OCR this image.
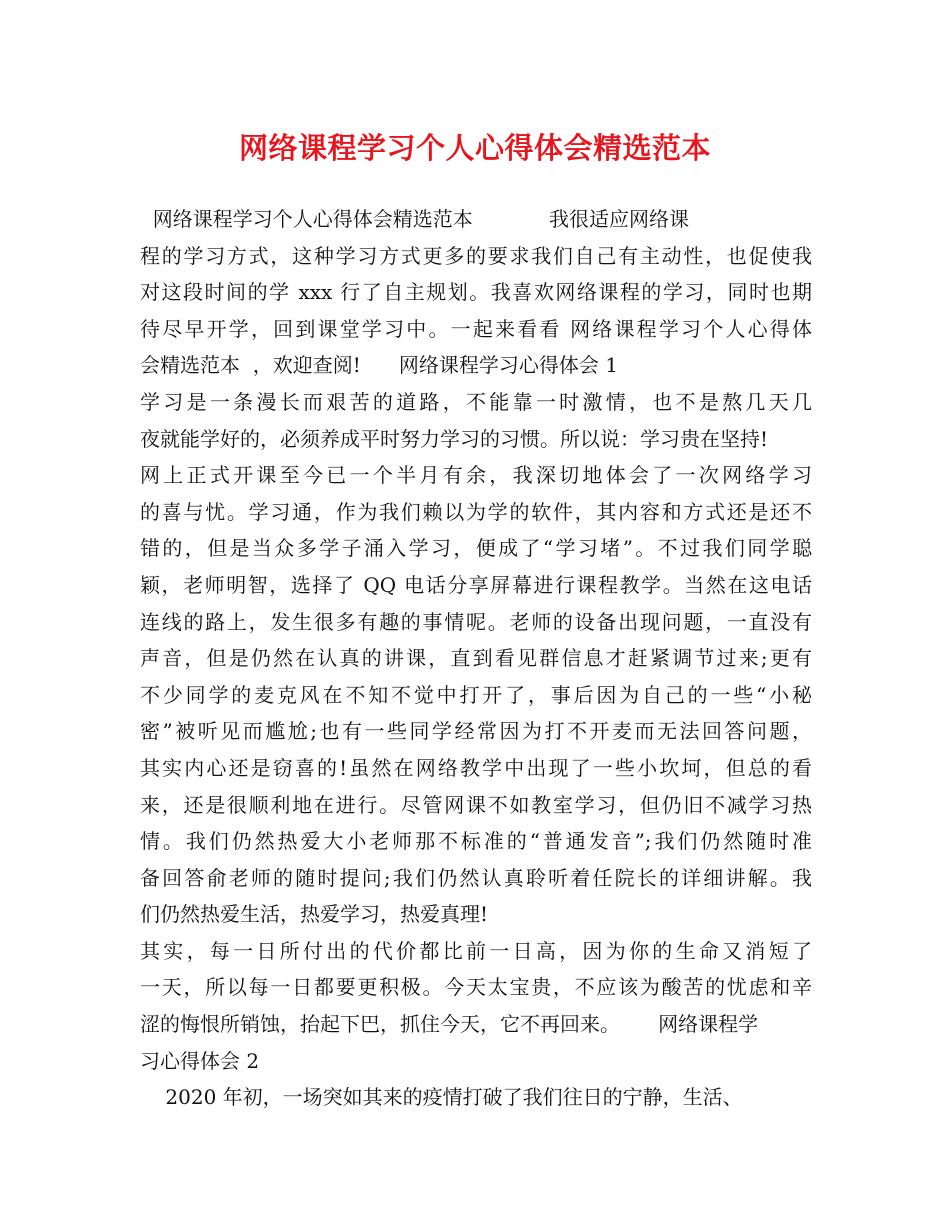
网络课程学习个人心得体会精选范本
网络课程学习个人心得体会精选范本            我很适应网络课
程的学习方式，这种学习方式更多的要求我们自己有主动性，也促使我
对这段时间的学 xxx 行了自主规划。我喜欢网络课程的学习，同时也期
待尽早开学，回到课堂学习中。一起来看看 网络课程学习个人心得体
会精选范本  ，欢迎查阅!      网络课程学习心得体会 1
学习是一条漫长而艰苦的道路，不能靠一时激情，也不是熬几天几
夜就能学好的，必须养成平时努力学习的习惯。所以说：学习贵在坚持!
网上正式开课至今已一个半月有余，我深切地体会了一次网络学习
的喜与忧。学习通，作为我们赖以为学的软件，其内容和方式还是还不
错的，但是当众多学子涌入学习，便成了“学习堵”。不过我们同学聪
颖，老师明智，选择了 QQ 电话分享屏幕进行课程教学。当然在这电话
连线的路上，发生很多有趣的事情呢。老师的设备出现问题，一直没有
声音，但是仍然在认真的讲课，直到看见群信息才赶紧调节过来;更有
不少同学的麦克风在不知不觉中打开了，事后因为自己的一些“小秘
密”被听见而尴尬;也有一些同学经常因为打不开麦而无法回答问题，
其实内心还是窃喜的!虽然在网络教学中出现了一些小坎坷，但总的看
来，还是很顺利地在进行。尽管网课不如教室学习，但仍旧不减学习热
情。我们仍然热爱大小老师那不标准的“普通发音”;我们仍然随时准
备回答俞老师的随时提问;我们仍然认真聆听着任院长的详细讲解。我
们仍然热爱生活，热爱学习，热爱真理!
其实，每一日所付出的代价都比前一日高，因为你的生命又消短了
一天，所以每一日都要更积极。今天太宝贵，不应该为酸苦的忧虑和辛
涩的悔恨所销蚀，抬起下巴，抓住今天，它不再回来。      网络课程学
习心得体会 2
2020 年初，一场突如其来的疫情打破了我们往日的宁静，生活、
